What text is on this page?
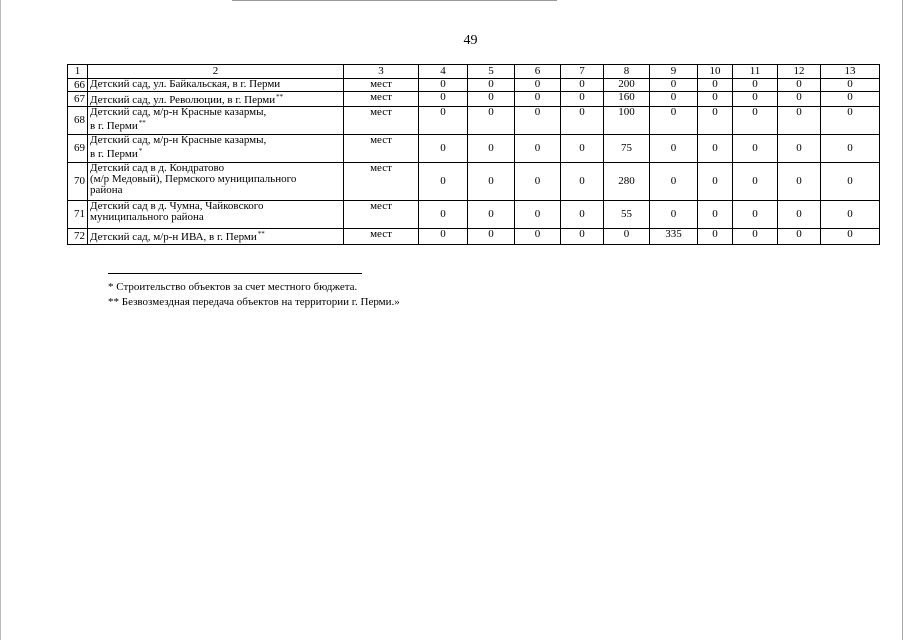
49
1	2	3	4	5	6	7	8	9	10	11	12	13
66	Детский сад, ул. Байкальская, в г. Перми	мест	0	0	0	0	200	0	0	0	0	0
67	Детский сад, ул. Революции, в г. Перми**	мест	0	0	0	0	160	0	0	0	0	0
68	Детский сад, м/р-н Красные казармы,
в г. Перми**	мест	0	0	0	0	100	0	0	0	0	0
69	Детский сад, м/р-н Красные казармы,
в г. Перми*	мест	0	0	0	0	75	0	0	0	0	0
70	Детский сад в д. Кондратово
(м/р Медовый), Пермского муниципального
района	мест	0	0	0	0	280	0	0	0	0	0
71	Детский сад в д. Чумна, Чайковского
муниципального района	мест	0	0	0	0	55	0	0	0	0	0
72	Детский сад, м/р-н ИВА, в г. Перми**	мест	0	0	0	0	0	335	0	0	0	0
* Строительство объектов за счет местного бюджета.
** Безвозмездная передача объектов на территории г. Перми.»
